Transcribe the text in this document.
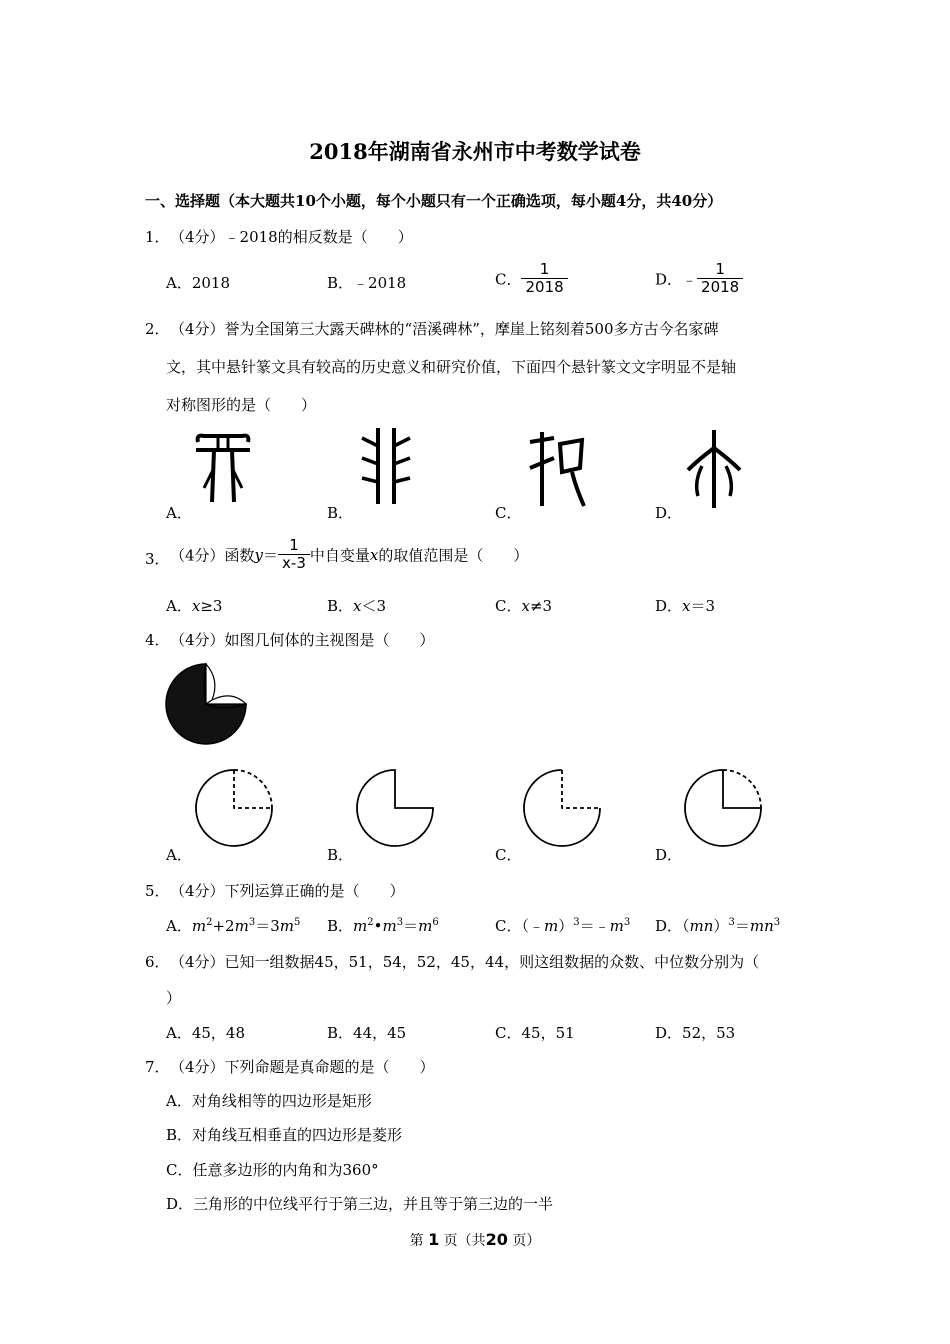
2018年湖南省永州市中考数学试卷
一、选择题（本大题共10个小题，每个小题只有一个正确选项，每小题4分，共40分）
1． （4分）﹣2018的相反数是（　　）
A．2018	B．﹣2018	C． $\frac{1}{2018}$	D．﹣ $\frac{1}{2018}$
2． （4分）誉为全国第三大露天碑林的“浯溪碑林”，摩崖上铭刻着500多方古今名家碑
文，其中悬针篆文具有较高的历史意义和研究价值，下面四个悬针篆文文字明显不是轴
对称图形的是（　　）
A．	B．	C．	D．
3． （4分）函数$y= \frac{1}{x-3}$ 中自变量x的取值范围是（　　）
A．x≥3	B．x＜3	C．x≠3	D．x＝3
4． （4分）如图几何体的主视图是（　　）
A．	B．	C．	D．
5． （4分）下列运算正确的是（　　）
A．$m^2+2m^3=3m^5$ B．$m^2•m^3=m^6$	C．$(﹣m)^3=﹣m^3$ D．$(mn)^3=mn^3$
6． （4分）已知一组数据45，51，54，52，45，44，则这组数据的众数、中位数分别为（
）
A．45，48	B．44，45	C．45，51	D．52，53
7． （4分）下列命题是真命题的是（　　）
A．对角线相等的四边形是矩形
B．对角线互相垂直的四边形是菱形
C．任意多边形的内角和为360°
D．三角形的中位线平行于第三边，并且等于第三边的一半
第 1 页（共20 页）
